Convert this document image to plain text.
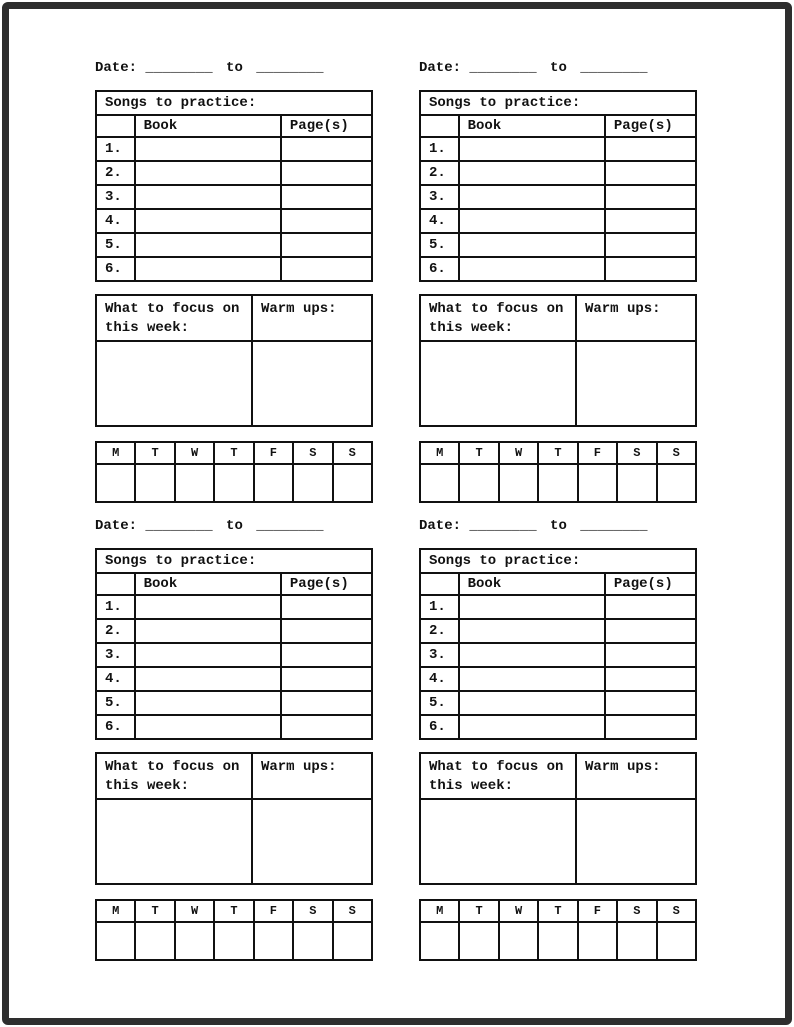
Date: ________ to ________
Songs to practice:		
	Book	Page(s)
1.		
2.		
3.		
4.		
5.		
6.		
What to focus on this week:	Warm ups:

M	T	W	T	F	S	S

Date: ________ to ________
Songs to practice:		
	Book	Page(s)
1.		
2.		
3.		
4.		
5.		
6.		
What to focus on this week:	Warm ups:

M	T	W	T	F	S	S

Date: ________ to ________
Songs to practice:		
	Book	Page(s)
1.		
2.		
3.		
4.		
5.		
6.		
What to focus on this week:	Warm ups:

M	T	W	T	F	S	S

Date: ________ to ________
Songs to practice:		
	Book	Page(s)
1.		
2.		
3.		
4.		
5.		
6.		
What to focus on this week:	Warm ups:

M	T	W	T	F	S	S
